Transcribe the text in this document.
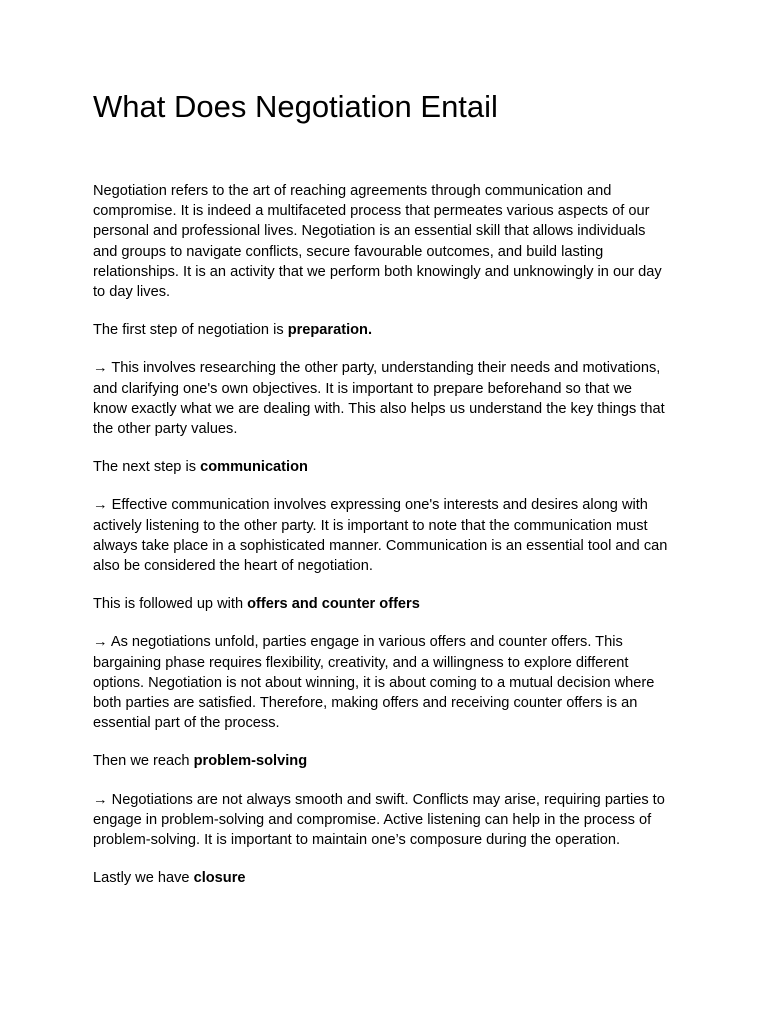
What Does Negotiation Entail

Negotiation refers to the art of reaching agreements through communication and compromise. It is indeed a multifaceted process that permeates various aspects of our personal and professional lives. Negotiation is an essential skill that allows individuals and groups to navigate conflicts, secure favourable outcomes, and build lasting relationships. It is an activity that we perform both knowingly and unknowingly in our day to day lives.

The first step of negotiation is preparation.

→ This involves researching the other party, understanding their needs and motivations, and clarifying one's own objectives. It is important to prepare beforehand so that we know exactly what we are dealing with. This also helps us understand the key things that the other party values.

The next step is communication

→ Effective communication involves expressing one's interests and desires along with actively listening to the other party. It is important to note that the communication must always take place in a sophisticated manner. Communication is an essential tool and can also be considered the heart of negotiation.

This is followed up with offers and counter offers

→ As negotiations unfold, parties engage in various offers and counter offers. This bargaining phase requires flexibility, creativity, and a willingness to explore different options. Negotiation is not about winning, it is about coming to a mutual decision where both parties are satisfied. Therefore, making offers and receiving counter offers is an essential part of the process.

Then we reach problem-solving

→ Negotiations are not always smooth and swift. Conflicts may arise, requiring parties to engage in problem-solving and compromise. Active listening can help in the process of problem-solving. It is important to maintain one’s composure during the operation.

Lastly we have closure
